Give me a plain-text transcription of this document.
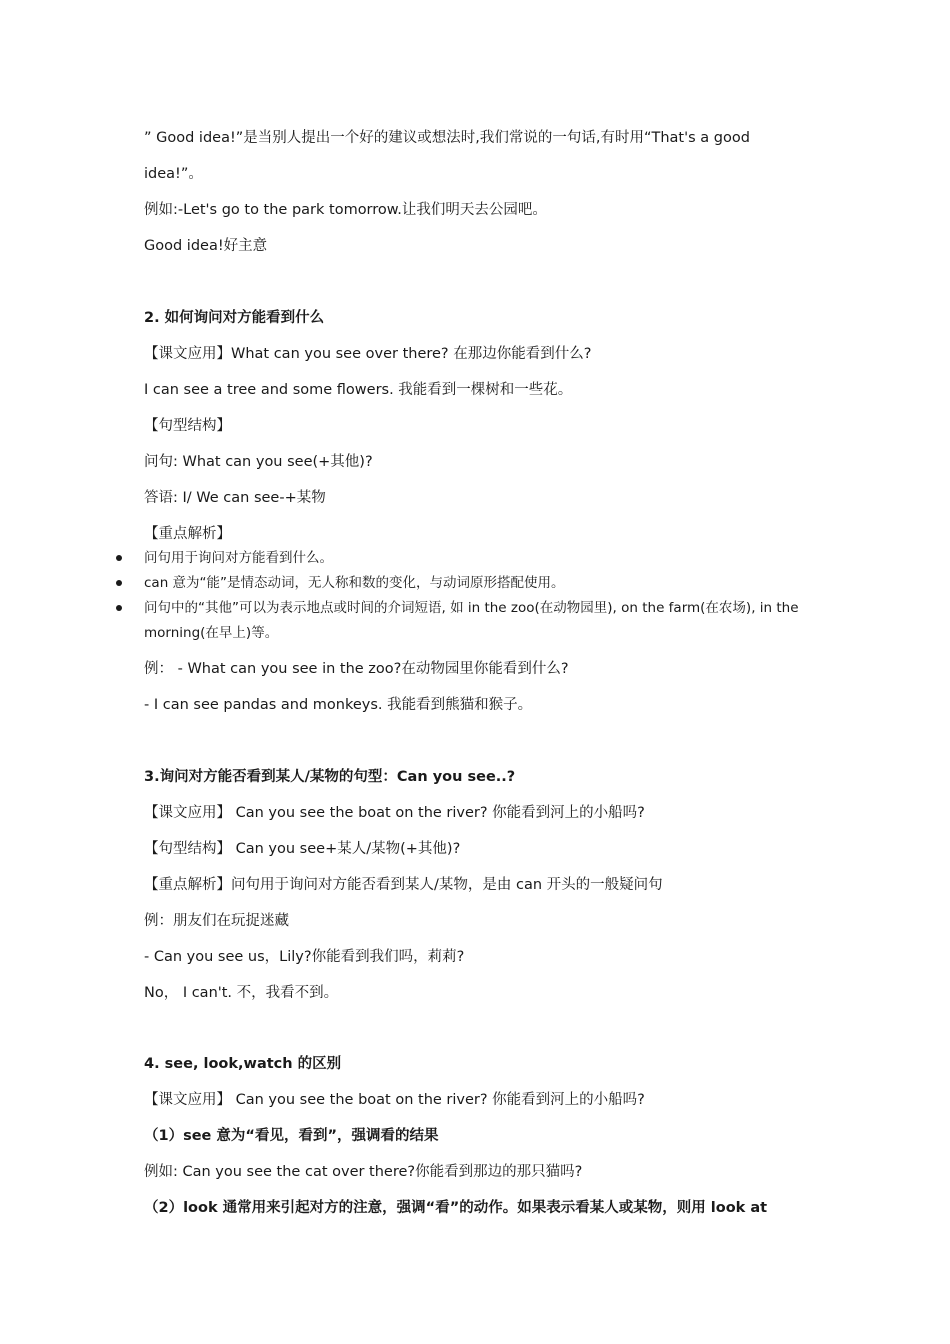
” Good idea!”是当别人提出一个好的建议或想法时,我们常说的一句话,有时用“That's a good
idea!”。
例如:-Let's go to the park tomorrow.让我们明天去公园吧。
Good idea!好主意
2. 如何询问对方能看到什么
【课文应用】What can you see over there? 在那边你能看到什么?
I can see a tree and some flowers. 我能看到一棵树和一些花。
【句型结构】
问句: What can you see(+其他)?
答语: I/ We can see-+某物
【重点解析】
问句用于询问对方能看到什么。
can 意为“能”是情态动词，无人称和数的变化，与动词原形搭配使用。
问句中的“其他”可以为表示地点或时间的介词短语, 如 in the zoo(在动物园里), on the farm(在农场), in the morning(在早上)等。
例： - What can you see in the zoo?在动物园里你能看到什么?
- I can see pandas and monkeys. 我能看到熊猫和猴子。
3.询问对方能否看到某人/某物的句型：Can you see..?
【课文应用】 Can you see the boat on the river? 你能看到河上的小船吗?
【句型结构】 Can you see+某人/某物(+其他)?
【重点解析】问句用于询问对方能否看到某人/某物，是由 can 开头的一般疑问句
例：朋友们在玩捉迷藏
- Can you see us，Lily?你能看到我们吗，莉莉?
No， I can't. 不，我看不到。
4. see, look,watch 的区别
【课文应用】 Can you see the boat on the river? 你能看到河上的小船吗?
（1）see 意为“看见，看到”，强调看的结果
例如: Can you see the cat over there?你能看到那边的那只猫吗?
（2）look 通常用来引起对方的注意，强调“看”的动作。如果表示看某人或某物，则用 look at
